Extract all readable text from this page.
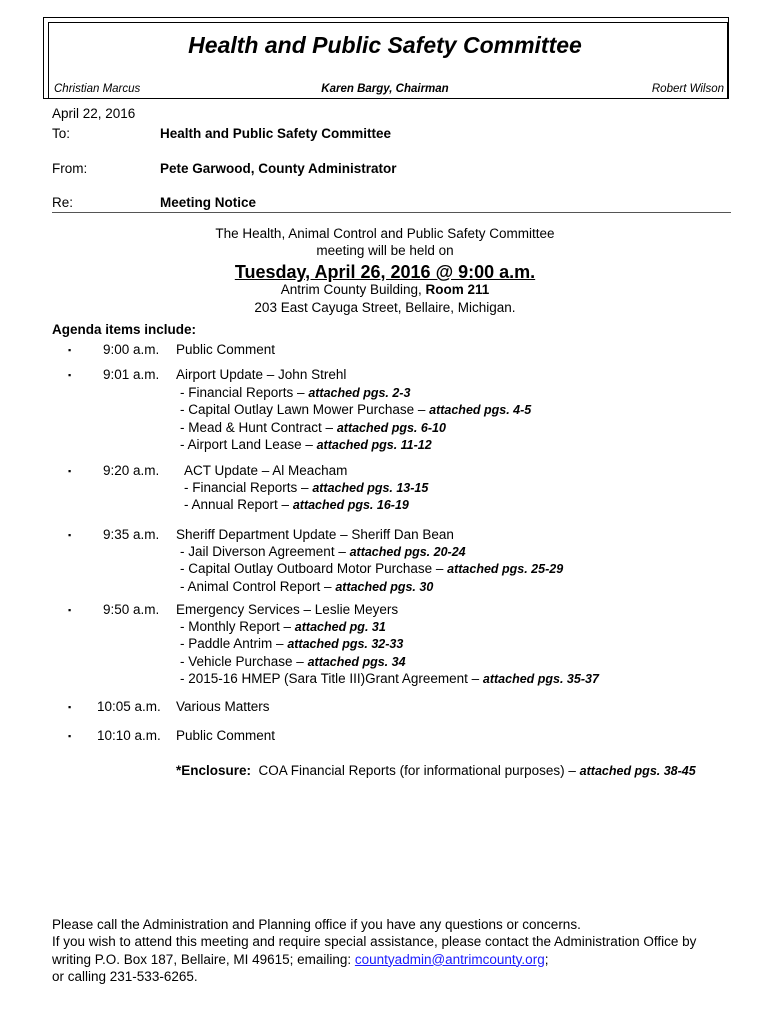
Health and Public Safety Committee
Christian Marcus	Karen Bargy, Chairman	Robert Wilson
April 22, 2016
To:	Health and Public Safety Committee
From:	Pete Garwood, County Administrator
Re:	Meeting Notice
The Health, Animal Control and Public Safety Committee
meeting will be held on
Tuesday, April 26, 2016 @ 9:00 a.m.
Antrim County Building, Room 211
203 East Cayuga Street, Bellaire, Michigan.
Agenda items include:
▪ 9:00 a.m. Public Comment
▪ 9:01 a.m. Airport Update – John Strehl
- Financial Reports – attached pgs. 2-3
- Capital Outlay Lawn Mower Purchase – attached pgs. 4-5
- Mead & Hunt Contract – attached pgs. 6-10
- Airport Land Lease – attached pgs. 11-12
▪ 9:20 a.m. ACT Update – Al Meacham
- Financial Reports – attached pgs. 13-15
- Annual Report – attached pgs. 16-19
▪ 9:35 a.m. Sheriff Department Update – Sheriff Dan Bean
- Jail Diverson Agreement – attached pgs. 20-24
- Capital Outlay Outboard Motor Purchase – attached pgs. 25-29
- Animal Control Report – attached pgs. 30
▪ 9:50 a.m. Emergency Services – Leslie Meyers
- Monthly Report – attached pg. 31
- Paddle Antrim – attached pgs. 32-33
- Vehicle Purchase – attached pgs. 34
- 2015-16 HMEP (Sara Title III)Grant Agreement – attached pgs. 35-37
▪ 10:05 a.m. Various Matters
▪ 10:10 a.m. Public Comment
*Enclosure:  COA Financial Reports (for informational purposes) – attached pgs. 38-45

Please call the Administration and Planning office if you have any questions or concerns.

If you wish to attend this meeting and require special assistance, please contact the Administration Office by

writing P.O. Box 187, Bellaire, MI 49615; emailing: countyadmin@antrimcounty.org;

or calling 231-533-6265.
